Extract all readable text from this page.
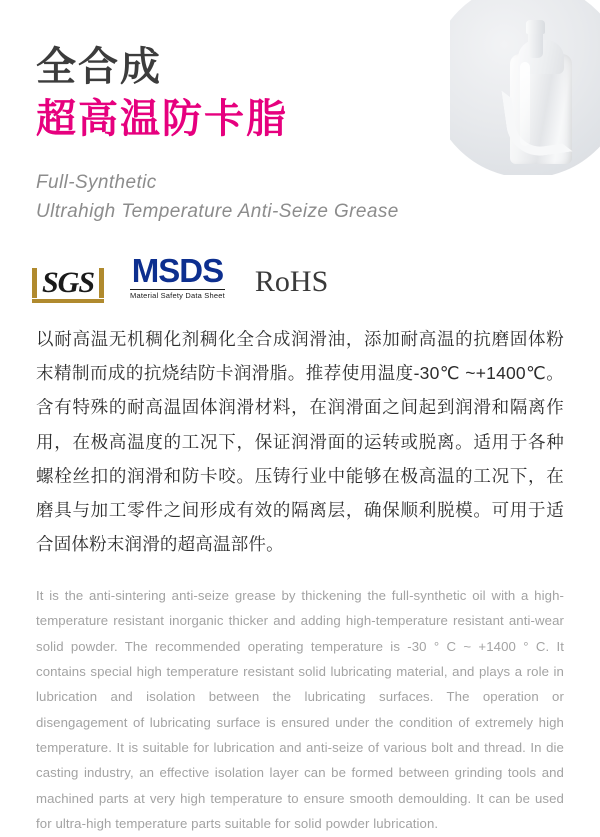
全合成
超高温防卡脂
Full-Synthetic
Ultrahigh Temperature Anti-Seize Grease
SGS MSDS
Material Safety Data Sheet RoHS
以耐高温无机稠化剂稠化全合成润滑油，添加耐高温的抗磨固体粉末精制而成的抗烧结防卡润滑脂。推荐使用温度-30℃ ~+1400℃。含有特殊的耐高温固体润滑材料，在润滑面之间起到润滑和隔离作用，在极高温度的工况下，保证润滑面的运转或脱离。适用于各种螺栓丝扣的润滑和防卡咬。压铸行业中能够在极高温的工况下，在磨具与加工零件之间形成有效的隔离层，确保顺利脱模。可用于适合固体粉末润滑的超高温部件。
It is the anti-sintering anti-seize grease by thickening the full-synthetic oil with a high-temperature resistant inorganic thicker and adding high-temperature resistant anti-wear solid powder. The recommended operating temperature is -30 ° C ~ +1400 ° C. It contains special high temperature resistant solid lubricating material, and plays a role in lubrication and isolation between the lubricating surfaces. The operation or disengagement of lubricating surface is ensured under the condition of extremely high temperature. It is suitable for lubrication and anti-seize of various bolt and thread. In die casting industry, an effective isolation layer can be formed between grinding tools and machined parts at very high temperature to ensure smooth demoulding. It can be used for ultra-high temperature parts suitable for solid powder lubrication.
